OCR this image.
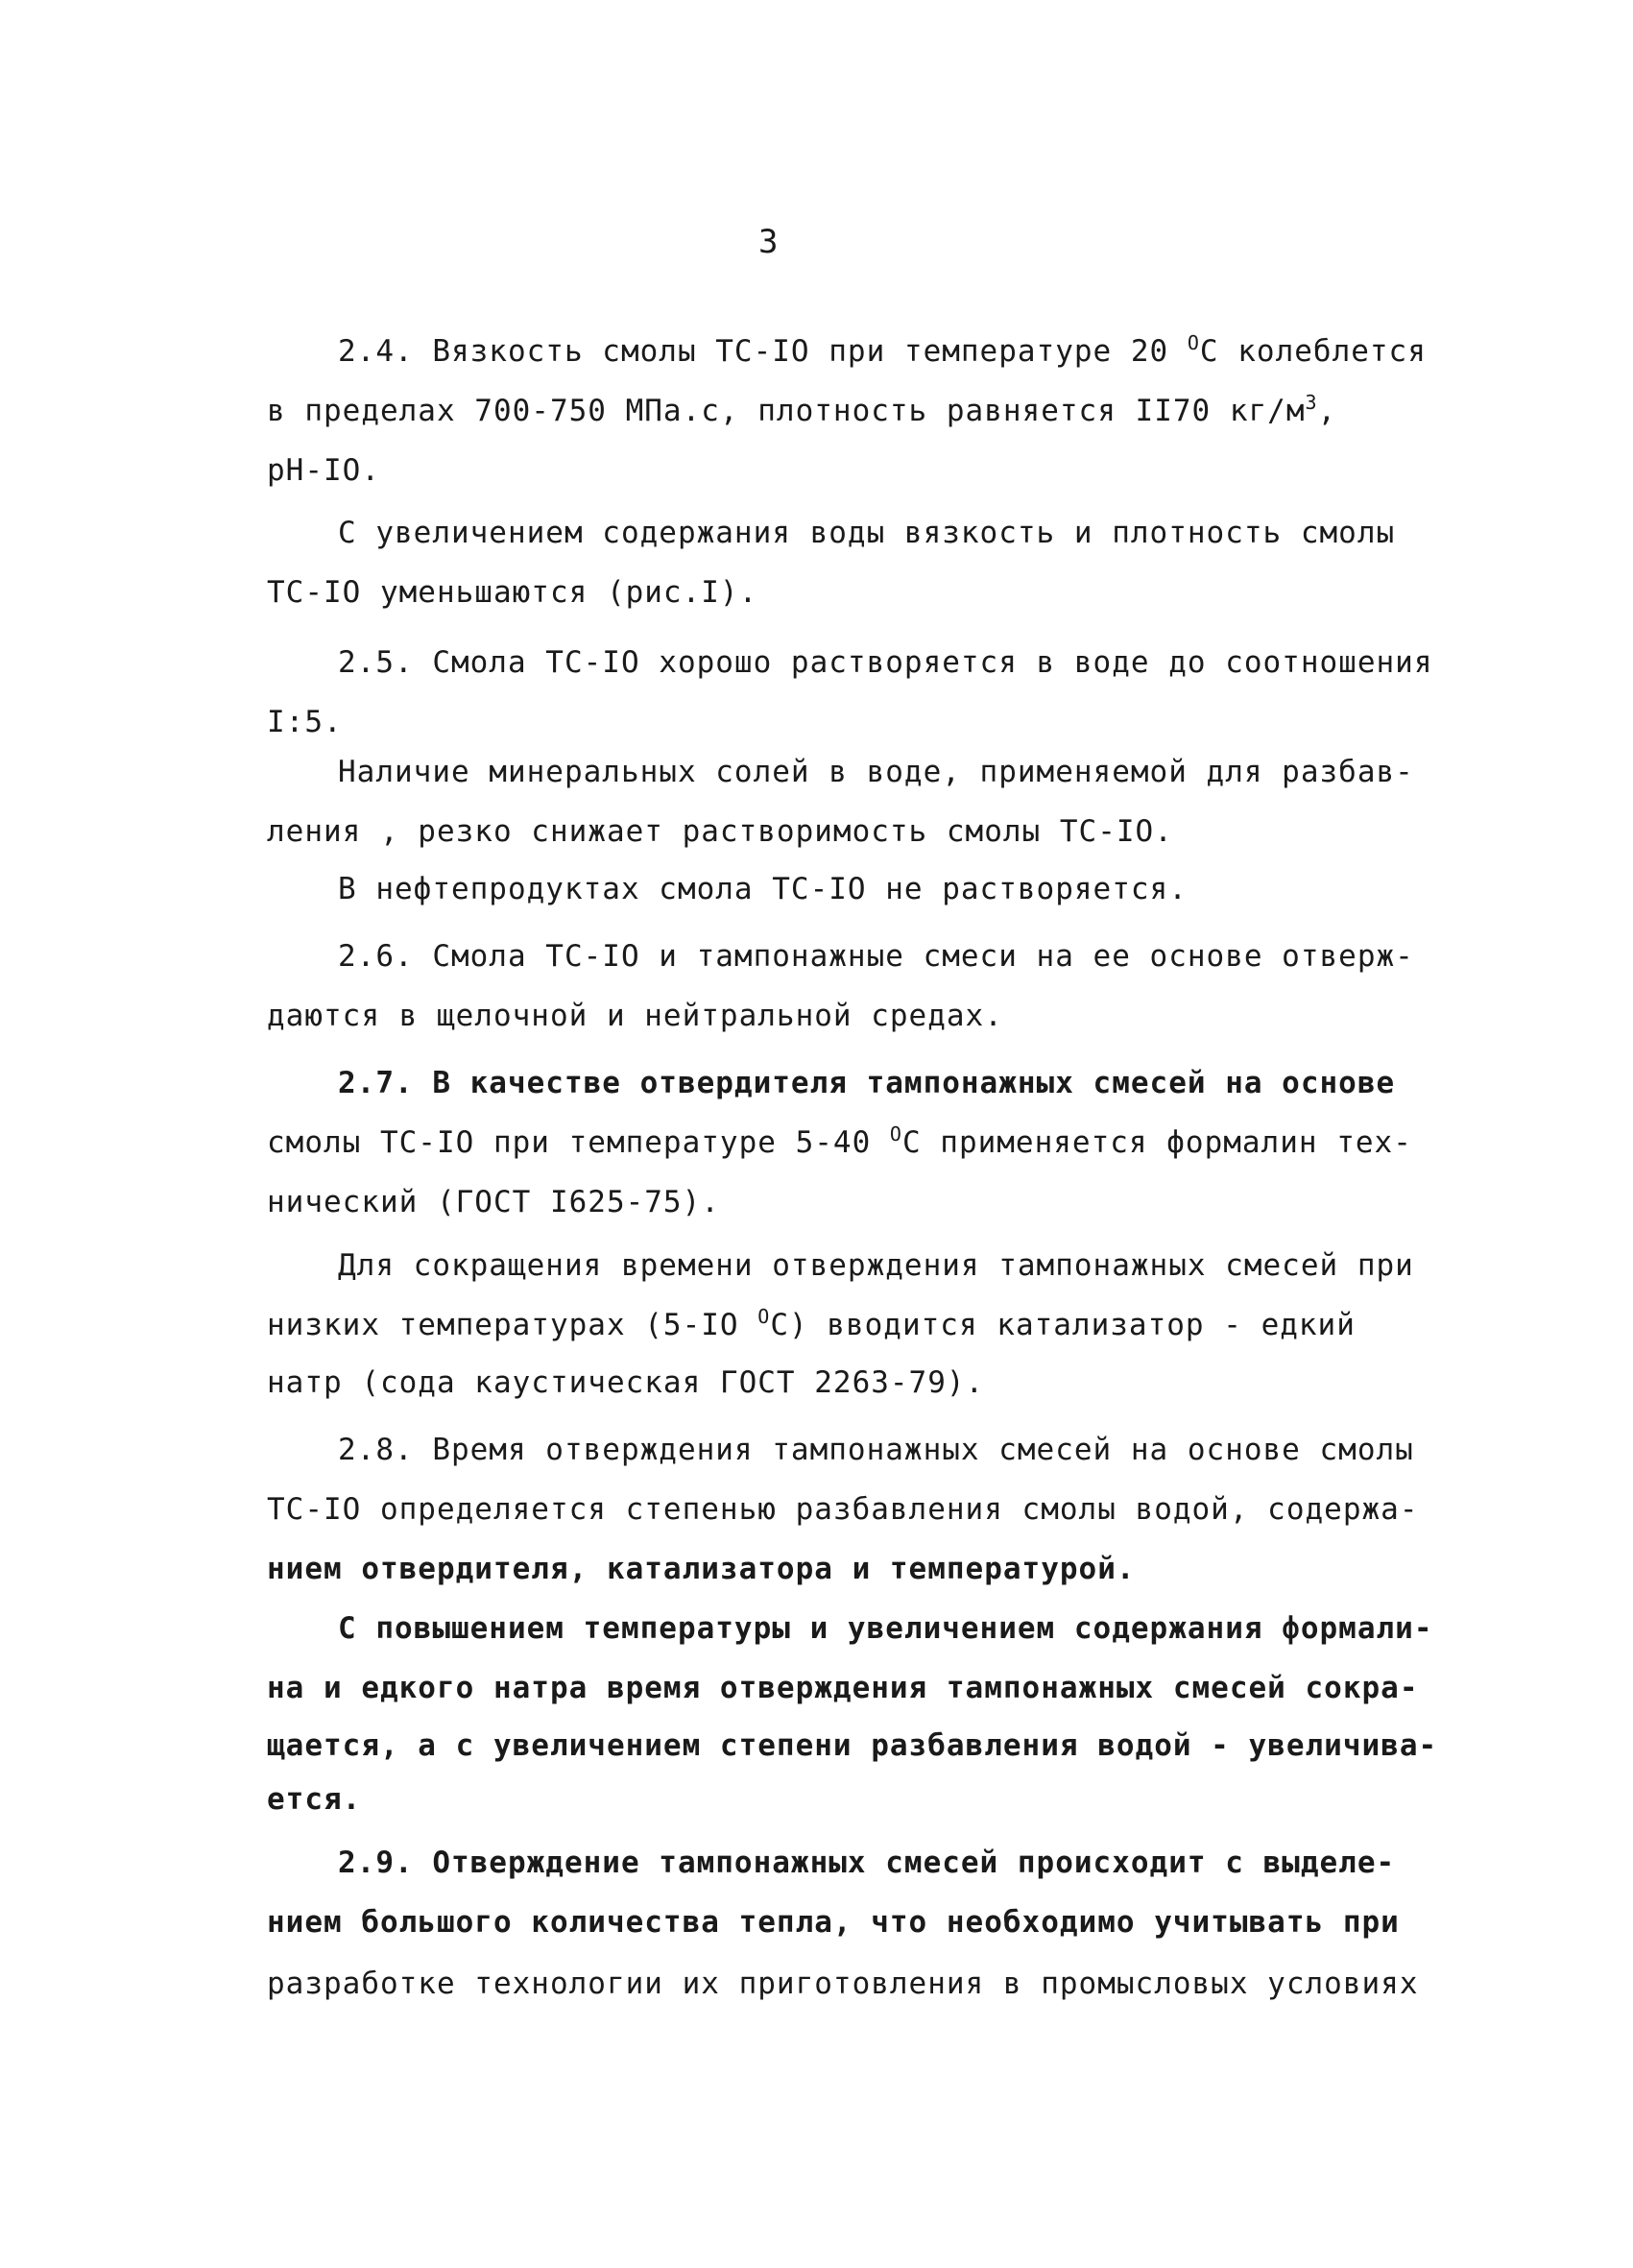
3
2.4. Вязкость смолы ТС-IO при температуре 20 $^O$C колеблется
в пределах 700-750 МПа.с, плотность равняется II70 $кг/м^3$,
рН-IO.
С увеличением содержания воды вязкость и плотность смолы
ТС-IO уменьшаются (рис.I).
2.5. Смола ТС-IO хорошо растворяется в воде до соотношения
I:5.
Наличие минеральных солей в воде, применяемой для разбав-
ления , резко снижает растворимость смолы ТС-IO.
В нефтепродуктах смола ТС-IO не растворяется.
2.6. Смола ТС-IO и тампонажные смеси на ее основе отверж-
даются в щелочной и нейтральной средах.
2.7. В качестве отвердителя тампонажных смесей на основе
смолы ТС-IO при температуре 5-40 $^O$C применяется формалин тех-
нический (ГОСТ I625-75).
Для сокращения времени отверждения тампонажных смесей при
низких температурах (5-IO $^O$C) вводится катализатор - едкий
натр (сода каустическая ГОСТ 2263-79).
2.8. Время отверждения тампонажных смесей на основе смолы
ТС-IO определяется степенью разбавления смолы водой, содержа-
нием отвердителя, катализатора и температурой.
С повышением температуры и увеличением содержания формали-
на и едкого натра время отверждения тампонажных смесей сокра-
щается, а с увеличением степени разбавления водой - увеличива-
ется.
2.9. Отверждение тампонажных смесей происходит с выделе-
нием большого количества тепла, что необходимо учитывать при
разработке технологии их приготовления в промысловых условиях
